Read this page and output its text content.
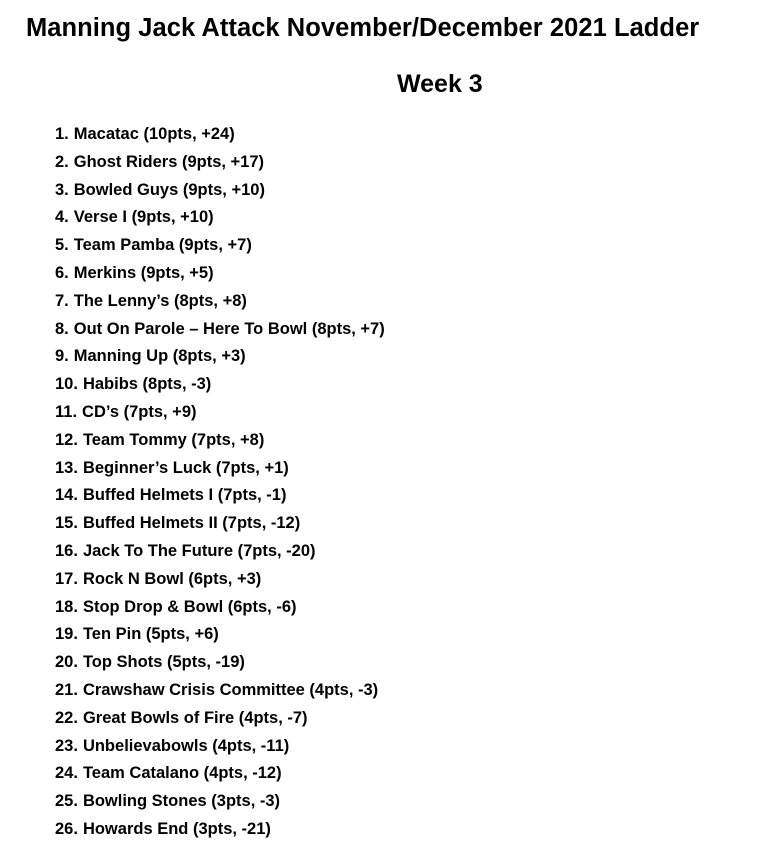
Manning Jack Attack November/December 2021 Ladder
Week 3
1. Macatac (10pts, +24)
2. Ghost Riders (9pts, +17)
3. Bowled Guys (9pts, +10)
4. Verse I (9pts, +10)
5. Team Pamba (9pts, +7)
6. Merkins (9pts, +5)
7. The Lenny’s (8pts, +8)
8. Out On Parole – Here To Bowl (8pts, +7)
9. Manning Up (8pts, +3)
10. Habibs (8pts, -3)
11. CD’s (7pts, +9)
12. Team Tommy (7pts, +8)
13. Beginner’s Luck (7pts, +1)
14. Buffed Helmets I (7pts, -1)
15. Buffed Helmets II (7pts, -12)
16. Jack To The Future (7pts, -20)
17. Rock N Bowl (6pts, +3)
18. Stop Drop & Bowl (6pts, -6)
19. Ten Pin (5pts, +6)
20. Top Shots (5pts, -19)
21. Crawshaw Crisis Committee (4pts, -3)
22. Great Bowls of Fire (4pts, -7)
23. Unbelievabowls (4pts, -11)
24. Team Catalano (4pts, -12)
25. Bowling Stones (3pts, -3)
26. Howards End (3pts, -21)
